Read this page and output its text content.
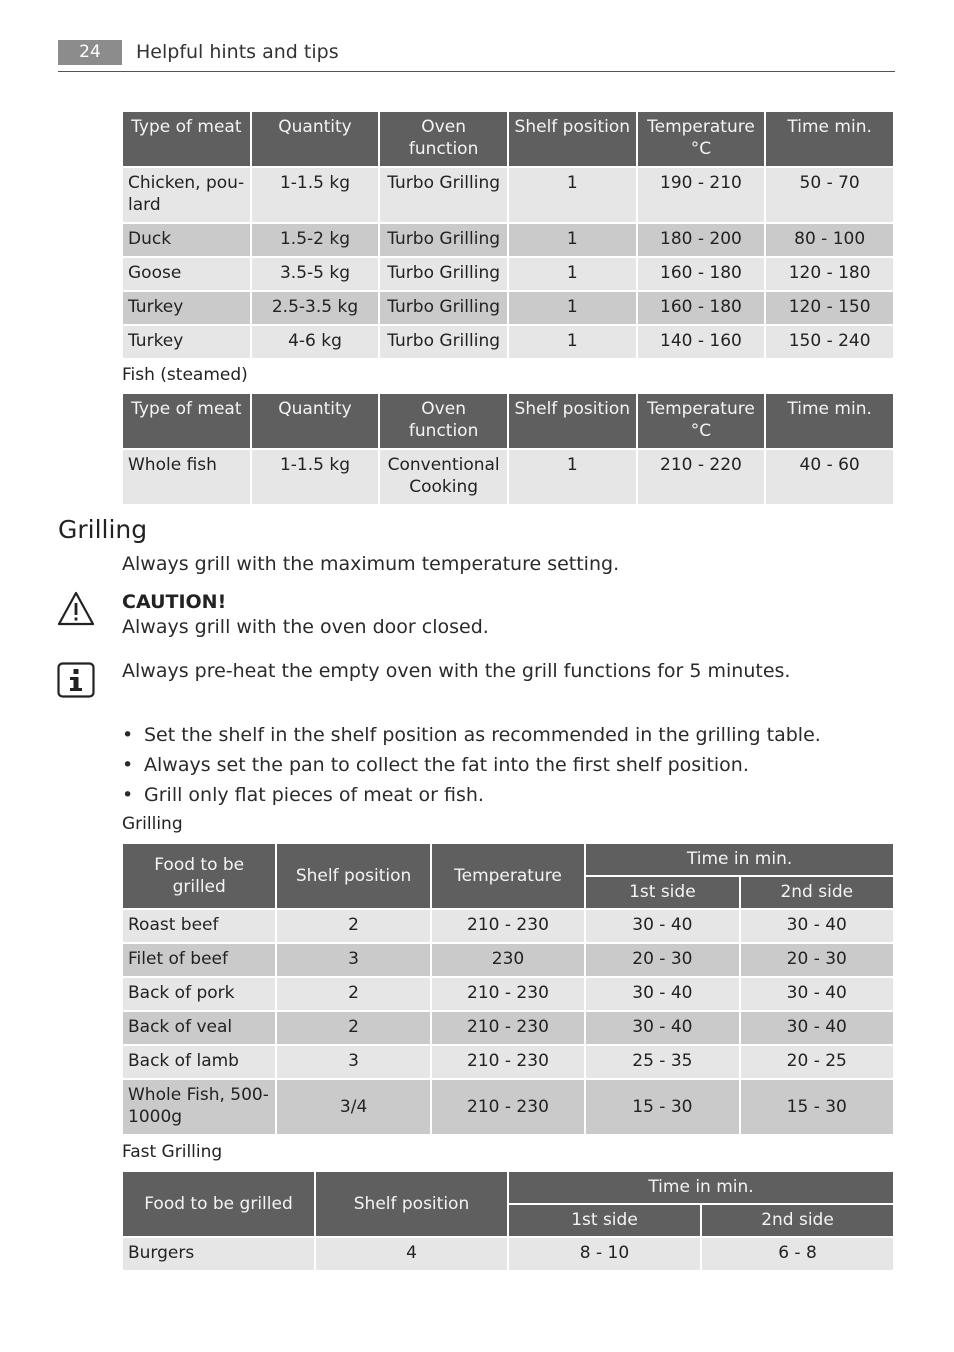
24	Helpful hints and tips
Type of meat	Quantity	Oven function	Shelf position	Temperature °C	Time min.
Chicken, pou-lard	1-1.5 kg	Turbo Grilling	1	190 - 210	50 - 70
Duck	1.5-2 kg	Turbo Grilling	1	180 - 200	80 - 100
Goose	3.5-5 kg	Turbo Grilling	1	160 - 180	120 - 180
Turkey	2.5-3.5 kg	Turbo Grilling	1	160 - 180	120 - 150
Turkey	4-6 kg	Turbo Grilling	1	140 - 160	150 - 240
Fish (steamed)
Type of meat	Quantity	Oven function	Shelf position	Temperature °C	Time min.
Whole fish	1-1.5 kg	Conventional Cooking	1	210 - 220	40 - 60
Grilling
Always grill with the maximum temperature setting.
CAUTION!
Always grill with the oven door closed.
Always pre-heat the empty oven with the grill functions for 5 minutes.
• Set the shelf in the shelf position as recommended in the grilling table.
• Always set the pan to collect the fat into the first shelf position.
• Grill only flat pieces of meat or fish.
Grilling
Food to be grilled	Shelf position	Temperature	Time in min.	
			1st side	2nd side
Roast beef	2	210 - 230	30 - 40	30 - 40
Filet of beef	3	230	20 - 30	20 - 30
Back of pork	2	210 - 230	30 - 40	30 - 40
Back of veal	2	210 - 230	30 - 40	30 - 40
Back of lamb	3	210 - 230	25 - 35	20 - 25
Whole Fish, 500-1000g	3/4	210 - 230	15 - 30	15 - 30
Fast Grilling
Food to be grilled	Shelf position	Time in min.	
		1st side	2nd side
Burgers	4	8 - 10	6 - 8
